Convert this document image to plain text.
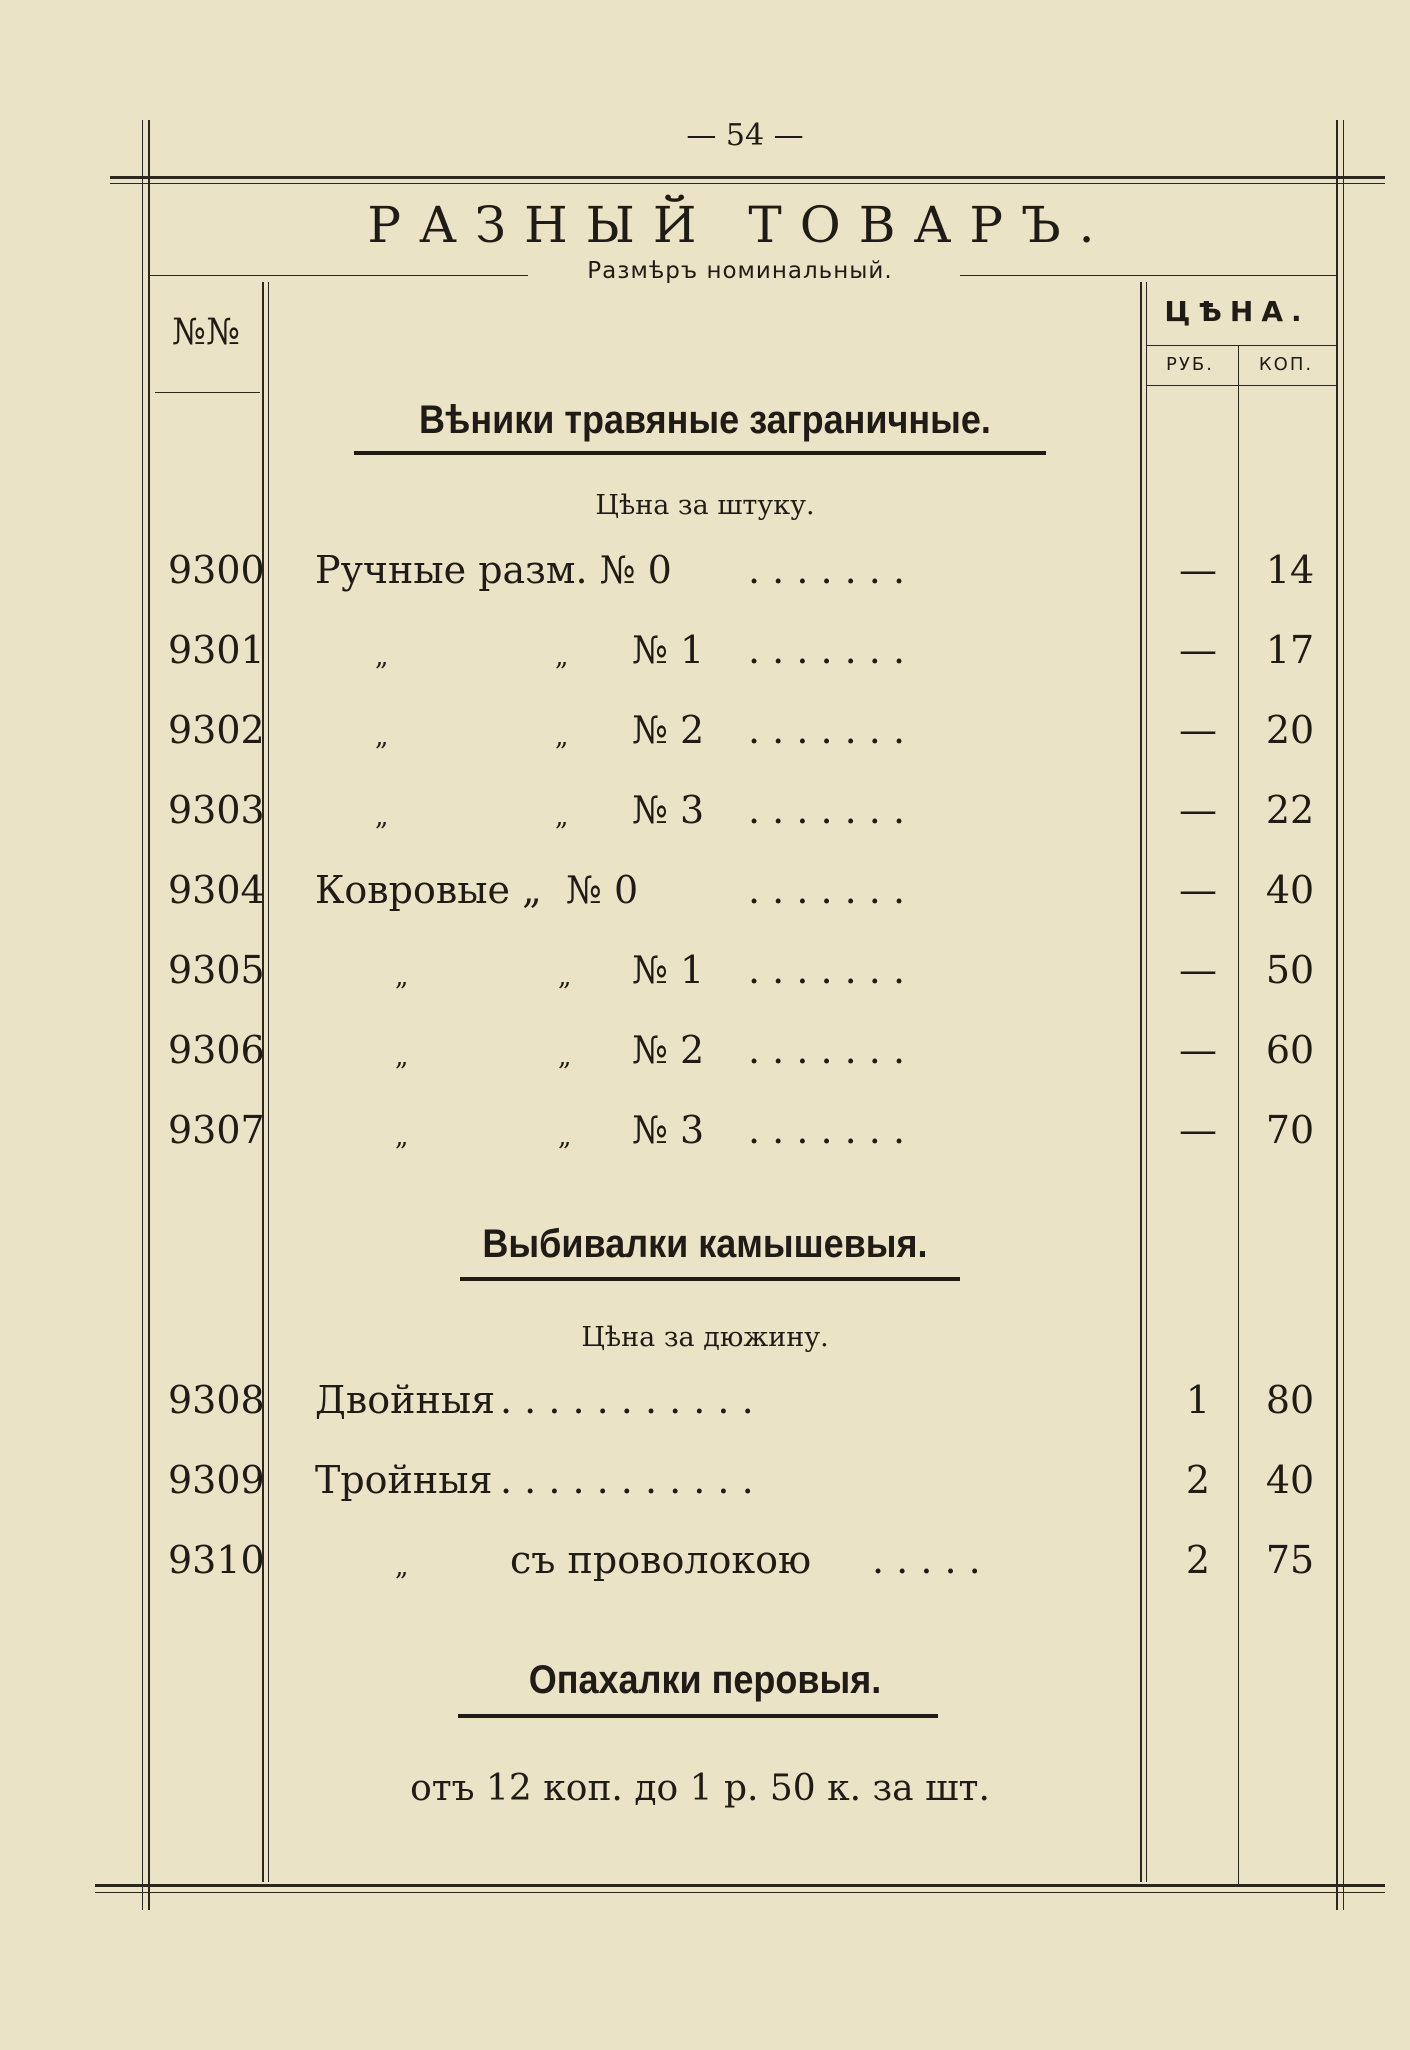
— 54 —
РАЗНЫЙ ТОВАРЪ.
Размѣръ номинальный.
№№
ЦѢНА.
РУБ.	КОП.
Вѣники травяные заграничные.
Цѣна за штуку.
9300 Ручные разм. № 0 . . . . . . .	—	14
9301	„	„ № 1 . . . . . . .	—	17
9302	„	„ № 2 . . . . . . .	—	20
9303	„	„ № 3 . . . . . . .	—	22
9304 Ковровые „  № 0	. . . . . . .	—	40
9305	„	„ № 1 . . . . . . .	—	50
9306	„	„ № 2 . . . . . . .	—	60
9307	„	„ № 3 . . . . . . .	—	70
Выбивалки камышевыя.
Цѣна за дюжину.
9308 Двойныя . . . . . . . . . . .	1	80
9309 Тройныя . . . . . . . . . . .	2	40
9310	„	съ проволокою . . . . .	2	75
Опахалки перовыя.
отъ 12 коп. до 1 р. 50 к. за шт.
